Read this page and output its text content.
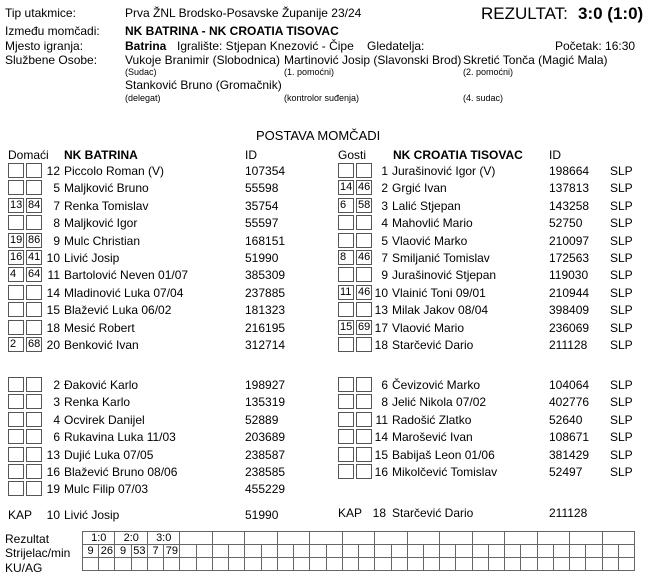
Tip utakmice:	Prva ŽNL Brodsko-Posavske Županije 23/24	REZULTAT: 3:0 (1:0)
Između momčadi: NK BATRINA - NK CROATIA TISOVAC
Mjesto igranja:	Batrina Igralište: Stjepan Knezović - Čipe Gledatelja:	Početak: 16:30
Službene Osobe: Vukoje Branimir (Slobodnica) Martinović Josip (Slavonski Brod) Skretić Tonča (Magić Mala)
(Sudac)	(1. pomoćni)	(2. pomoćni)
Stanković Bruno (Gromačnik)
(delegat)	(kontrolor suđenja)	(4. sudac)
POSTAVA MOMČADI
Domaći NK BATRINA	ID	Gosti NK CROATIA TISOVAC ID
12 Piccolo Roman (V)	107354
5 Maljković Bruno	55598
13 84	7 Renka Tomislav	35754
8 Maljković Igor	55597
19 86	9 Mulc Christian	168151
16 41 10 Livić Josip	51990
4	64 11 Bartolović Neven 01/07	385309
14 Mladinović Luka 07/04	237885
15 Blažević Luka 06/02	181323
18 Mesić Robert	216195
2	68 20 Benković Ivan	312714
1 Jurašinović Igor (V)	198664 SLP
14 46 2 Grgić Ivan	137813 SLP
6	58 3 Lalić Stjepan	143258 SLP
4 Mahovlić Mario	52750 SLP
5 Vlaović Marko	210097 SLP
8	46 7 Smiljanić Tomislav	172563 SLP
9 Jurašinović Stjepan	119030 SLP
11 46 10 Vlainić Toni 09/01	210944 SLP
13 Milak Jakov 08/04	398409 SLP
15 69 17 Vlaović Mario	236069 SLP
18 Starčević Dario	211128 SLP
2 Đaković Karlo	198927
3 Renka Karlo	135319
4 Ocvirek Danijel	52889
6 Rukavina Luka 11/03	203689
13 Dujić Luka 07/05	238587
16 Blažević Bruno 08/06	238585
19 Mulc Filip 07/03	455229
6 Čevizović Marko	104064 SLP
8 Jelić Nikola 07/02	402776 SLP
11 Radošić Zlatko	52640 SLP
14 Marošević Ivan	108671 SLP
15 Babijaš Leon 01/06	381429 SLP
16 Mikolčević Tomislav	52497 SLP
KAP	10 Livić Josip	51990	KAP 18 Starčević Dario	211128
Rezultat
Strijelac/min
KU/AG
1:0		2:0		3:0																													
9	26	9	53	7	79																												
